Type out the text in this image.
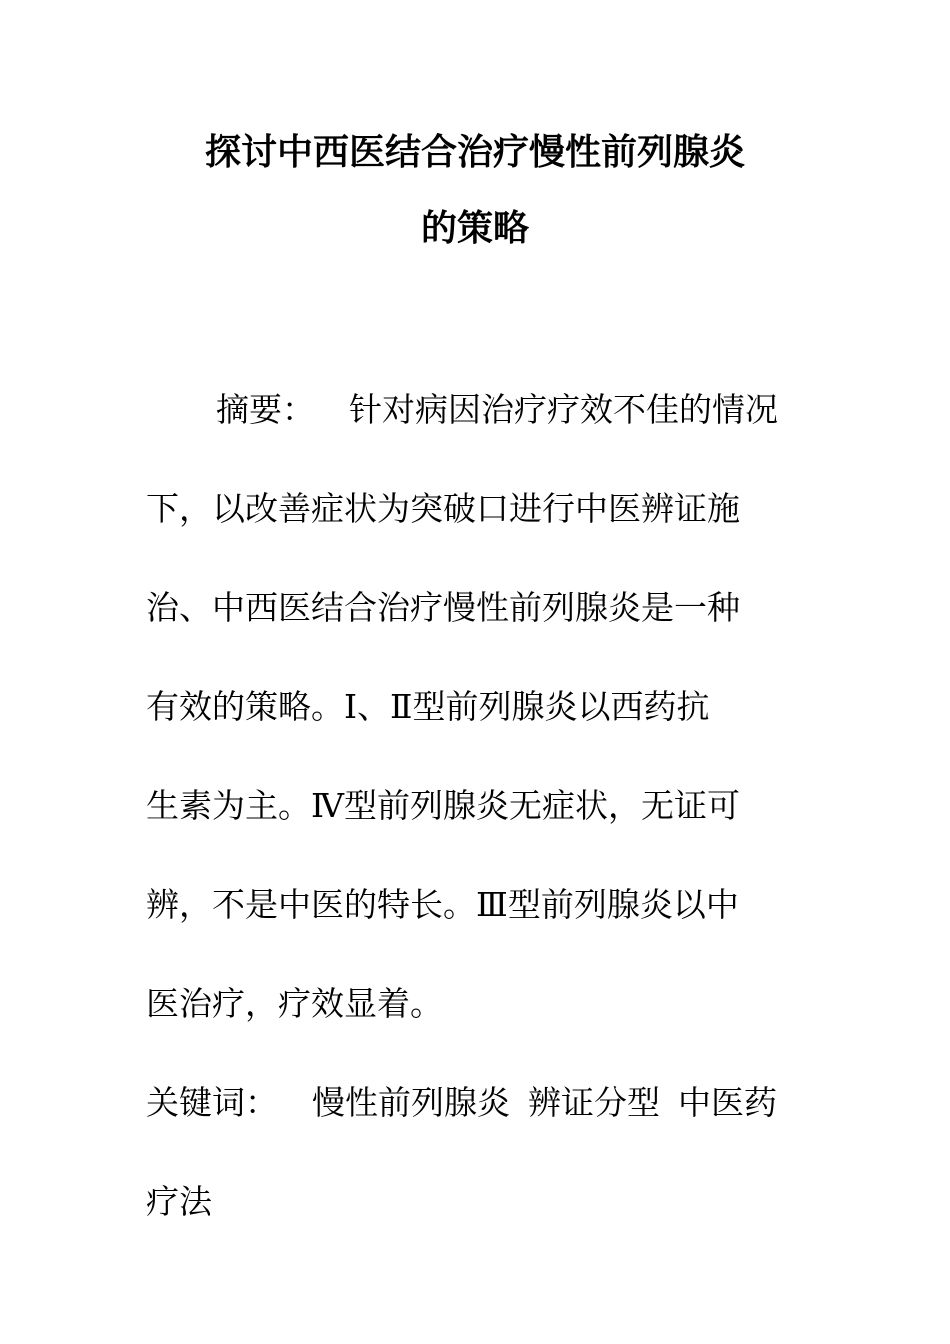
探讨中西医结合治疗慢性前列腺炎
的策略
摘要： 针对病因治疗疗效不佳的情况
下，以改善症状为突破口进行中医辨证施
治、中西医结合治疗慢性前列腺炎是一种
有效的策略。Ⅰ、Ⅱ型前列腺炎以西药抗
生素为主。Ⅳ型前列腺炎无症状，无证可
辨，不是中医的特长。Ⅲ型前列腺炎以中
医治疗，疗效显着。
关键词： 慢性前列腺炎 辨证分型 中医药
疗法
